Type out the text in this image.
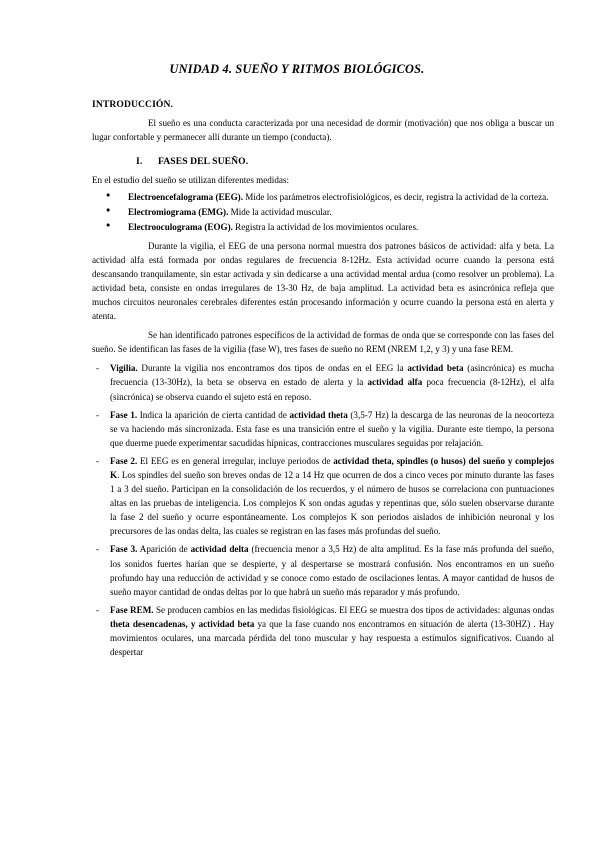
UNIDAD 4. SUEÑO Y RITMOS BIOLÓGICOS.
INTRODUCCIÓN.

El sueño es una conducta caracterizada por una necesidad de dormir (motivación) que nos obliga a buscar un lugar confortable y permanecer allí durante un tiempo (conducta).

I. FASES DEL SUEÑO.

En el estudio del sueño se utilizan diferentes medidas:

● Electroencefalograma (EEG). Mide los parámetros electrofisiológicos, es decir, registra la actividad de la corteza.
● Electromiograma (EMG). Mide la actividad muscular.
● Electrooculograma (EOG). Registra la actividad de los movimientos oculares.

Durante la vigilia, el EEG de una persona normal muestra dos patrones básicos de actividad: alfa y beta. La actividad alfa está formada por ondas regulares de frecuencia 8-12Hz. Esta actividad ocurre cuando la persona está descansando tranquilamente, sin estar activada y sin dedicarse a una actividad mental ardua (como resolver un problema). La actividad beta, consiste en ondas irregulares de 13-30 Hz, de baja amplitud. La actividad beta es asincrónica refleja que muchos circuitos neuronales cerebrales diferentes están procesando información y ocurre cuando la persona está en alerta y atenta.

Se han identificado patrones específicos de la actividad de formas de onda que se corresponde con las fases del sueño. Se identifican las fases de la vigilia (fase W), tres fases de sueño no REM (NREM 1,2, y 3) y una fase REM.

- Vigilia. Durante la vigilia nos encontramos dos tipos de ondas en el EEG la actividad beta (asincrónica) es mucha frecuencia (13-30Hz), la beta se observa en estado de alerta y la actividad alfa poca frecuencia (8-12Hz), el alfa (sincrónica) se observa cuando el sujeto está en reposo.
- Fase 1. Indica la aparición de cierta cantidad de actividad theta (3,5-7 Hz) la descarga de las neuronas de la neocorteza se va haciendo más sincronizada. Esta fase es una transición entre el sueño y la vigilia. Durante este tiempo, la persona que duerme puede experimentar sacudidas hípnicas, contracciones musculares seguidas por relajación.
- Fase 2. El EEG es en general irregular, incluye periodos de actividad theta, spindles (o husos) del sueño y complejos K. Los spindles del sueño son breves ondas de 12 a 14 Hz que ocurren de dos a cinco veces por minuto durante las fases 1 a 3 del sueño. Participan en la consolidación de los recuerdos, y el número de husos se correlaciona con puntuaciones altas en las pruebas de inteligencia. Los complejos K son ondas agudas y repentinas que, sólo suelen observarse durante la fase 2 del sueño y ocurre espontáneamente. Los complejos K son periodos aislados de inhibición neuronal y los precursores de las ondas delta, las cuales se registran en las fases más profundas del sueño.
- Fase 3. Aparición de actividad delta (frecuencia menor a 3,5 Hz) de alta amplitud. Es la fase más profunda del sueño, los sonidos fuertes harían que se despierte, y al despertarse se mostrará confusión. Nos encontramos en un sueño profundo hay una reducción de actividad y se conoce como estado de oscilaciones lentas. A mayor cantidad de husos de sueño mayor cantidad de ondas deltas por lo que habrá un sueño más reparador y más profundo.
- Fase REM. Se producen cambios en las medidas fisiológicas. El EEG se muestra dos tipos de actividades: algunas ondas theta desencadenas, y actividad beta ya que la fase cuando nos encontramos en situación de alerta (13-30HZ) . Hay movimientos oculares, una marcada pérdida del tono muscular y hay respuesta a estímulos significativos. Cuando al despertar
